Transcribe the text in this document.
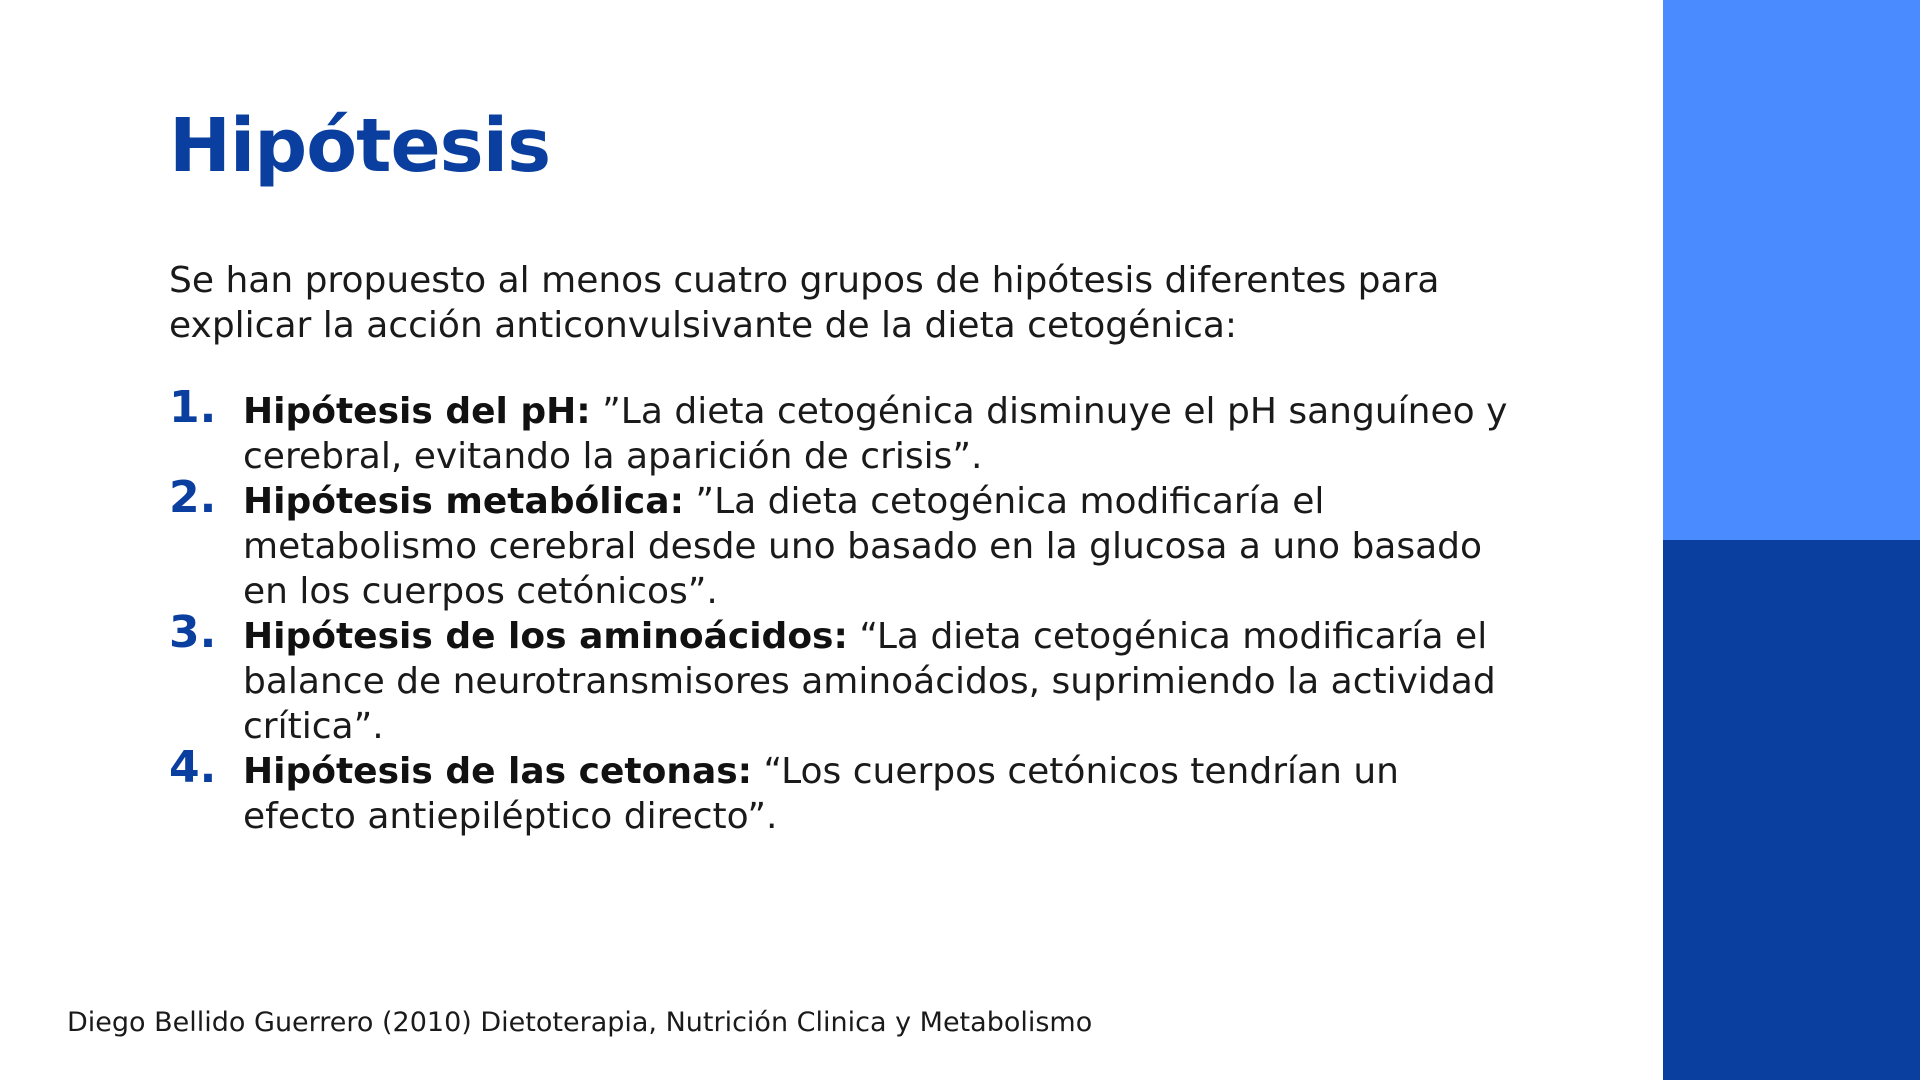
Hipótesis

Se han propuesto al menos cuatro grupos de hipótesis diferentes para explicar la acción anticonvulsivante de la dieta cetogénica:

1. Hipótesis del pH: ”La dieta cetogénica disminuye el pH sanguíneo y cerebral, evitando la aparición de crisis”.
2. Hipótesis metabólica: ”La dieta cetogénica modificaría el metabolismo cerebral desde uno basado en la glucosa a uno basado en los cuerpos cetónicos”.
3. Hipótesis de los aminoácidos: “La dieta cetogénica modificaría el balance de neurotransmisores aminoácidos, suprimiendo la actividad crítica”.
4. Hipótesis de las cetonas: “Los cuerpos cetónicos tendrían un efecto antiepiléptico directo”.

Diego Bellido Guerrero (2010) Dietoterapia, Nutrición Clinica y Metabolismo
